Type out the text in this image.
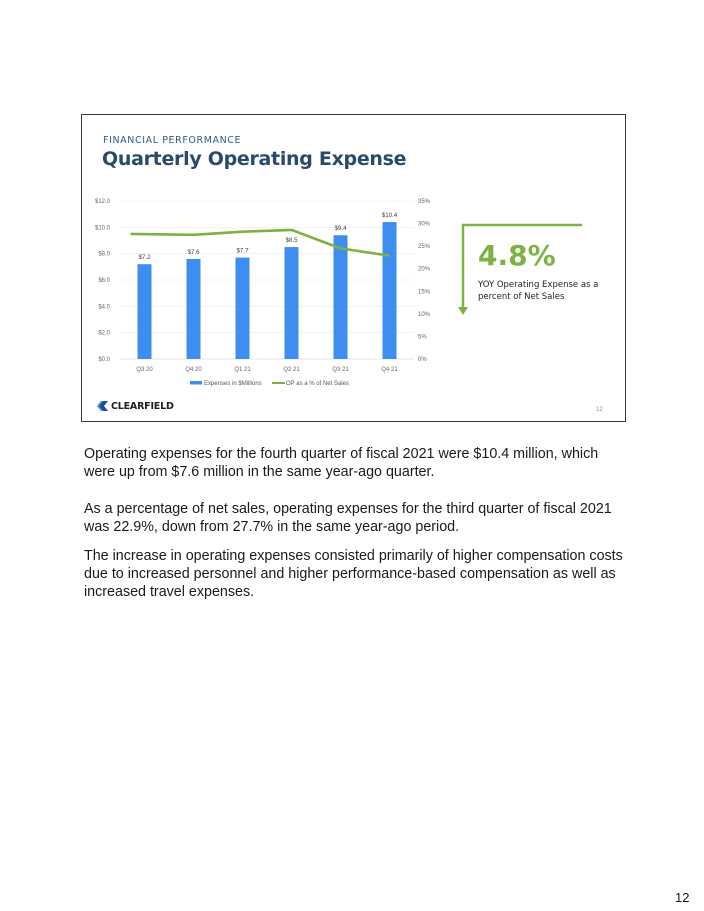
FINANCIAL PERFORMANCE
Quarterly Operating Expense
$0.0
$2.0
$4.0
$6.0
$8.0
$10.0
$12.0
0%
5%
10%
15%
20%
25%
30%
35%
$7.2
$7.6	$7.7
$8.5
$9.4
$10.4
Q3 20	Q4 20	Q1 21	Q2 21	Q3 21	Q4 21
Expenses in $Millions	OP as a % of Net Sales
4.8%
YOY Operating Expense as a percent of Net Sales
CLEARFIELD	12

Operating expenses for the fourth quarter of fiscal 2021 were $10.4 million, which were up from $7.6 million in the same year-ago quarter.

As a percentage of net sales, operating expenses for the third quarter of fiscal 2021 was 22.9%, down from 27.7% in the same year-ago period.

The increase in operating expenses consisted primarily of higher compensation costs due to increased personnel and higher performance-based compensation as well as increased travel expenses.

12
